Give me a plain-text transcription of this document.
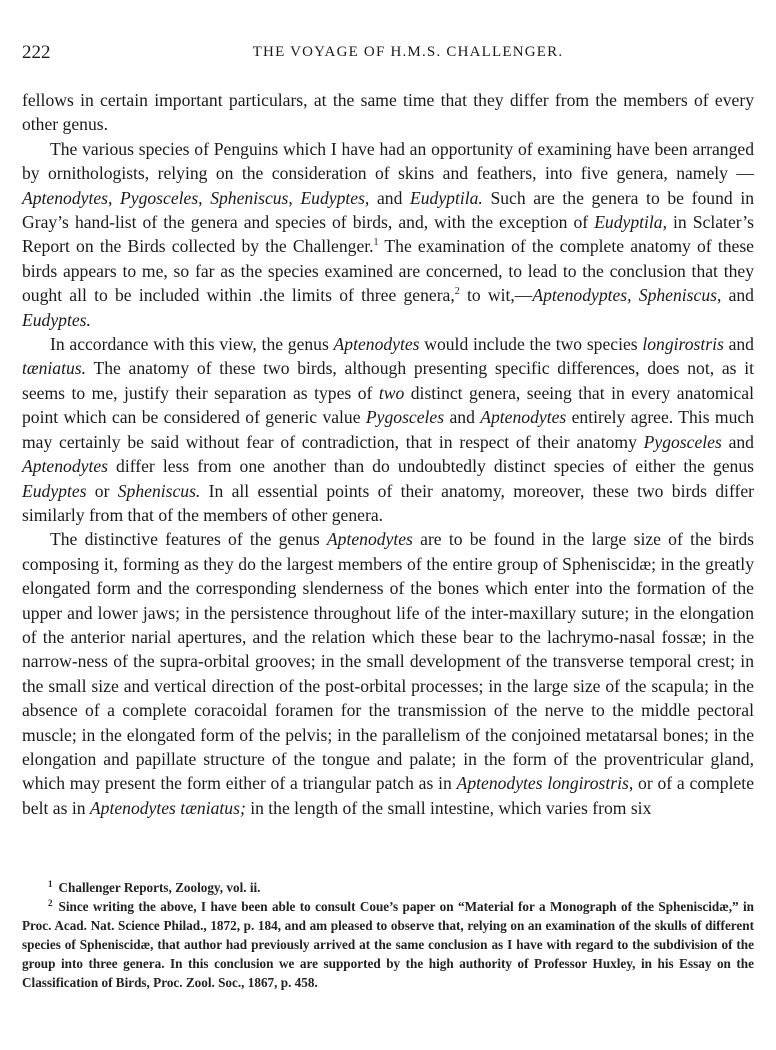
222	THE VOYAGE OF H.M.S. CHALLENGER.

fellows in certain important particulars, at the same time that they differ from the members of every other genus.

The various species of Penguins which I have had an opportunity of examining have been arranged by ornithologists, relying on the consideration of skins and feathers, into five genera, namely —Aptenodytes, Pygosceles, Spheniscus, Eudyptes, and Eudyptila. Such are the genera to be found in Gray’s hand-list of the genera and species of birds, and, with the exception of Eudyptila, in Sclater’s Report on the Birds collected by the Challenger.$^1$ The examination of the complete anatomy of these birds appears to me, so far as the species examined are concerned, to lead to the conclusion that they ought all to be included within .the limits of three genera,$^2$ to wit,—Aptenodyptes, Spheniscus, and Eudyptes.

In accordance with this view, the genus Aptenodytes would include the two species longirostris and tæniatus. The anatomy of these two birds, although presenting specific differences, does not, as it seems to me, justify their separation as types of two distinct genera, seeing that in every anatomical point which can be considered of generic value Pygosceles and Aptenodytes entirely agree. This much may certainly be said without fear of contradiction, that in respect of their anatomy Pygosceles and Aptenodytes differ less from one another than do undoubtedly distinct species of either the genus Eudyptes or Spheniscus. In all essential points of their anatomy, moreover, these two birds differ similarly from that of the members of other genera.

The distinctive features of the genus Aptenodytes are to be found in the large size of the birds composing it, forming as they do the largest members of the entire group of Spheniscidæ; in the greatly elongated form and the corresponding slenderness of the bones which enter into the formation of the upper and lower jaws; in the persistence throughout life of the inter-maxillary suture; in the elongation of the anterior narial apertures, and the relation which these bear to the lachrymo-nasal fossæ; in the narrow-ness of the supra-orbital grooves; in the small development of the transverse temporal crest; in the small size and vertical direction of the post-orbital processes; in the large size of the scapula; in the absence of a complete coracoidal foramen for the transmission of the nerve to the middle pectoral muscle; in the elongated form of the pelvis; in the parallelism of the conjoined metatarsal bones; in the elongation and papillate structure of the tongue and palate; in the form of the proventricular gland, which may present the form either of a triangular patch as in Aptenodytes longirostris, or of a complete belt as in Aptenodytes tæniatus; in the length of the small intestine, which varies from six

$^1$ Challenger Reports, Zoology, vol. ii.

$^2$ Since writing the above, I have been able to consult Coue’s paper on “Material for a Monograph of the Spheniscidæ,” in Proc. Acad. Nat. Science Philad., 1872, p. 184, and am pleased to observe that, relying on an examination of the skulls of different species of Spheniscidæ, that author had previously arrived at the same conclusion as I have with regard to the subdivision of the group into three genera. In this conclusion we are supported by the high authority of Professor Huxley, in his Essay on the Classification of Birds, Proc. Zool. Soc., 1867, p. 458.
